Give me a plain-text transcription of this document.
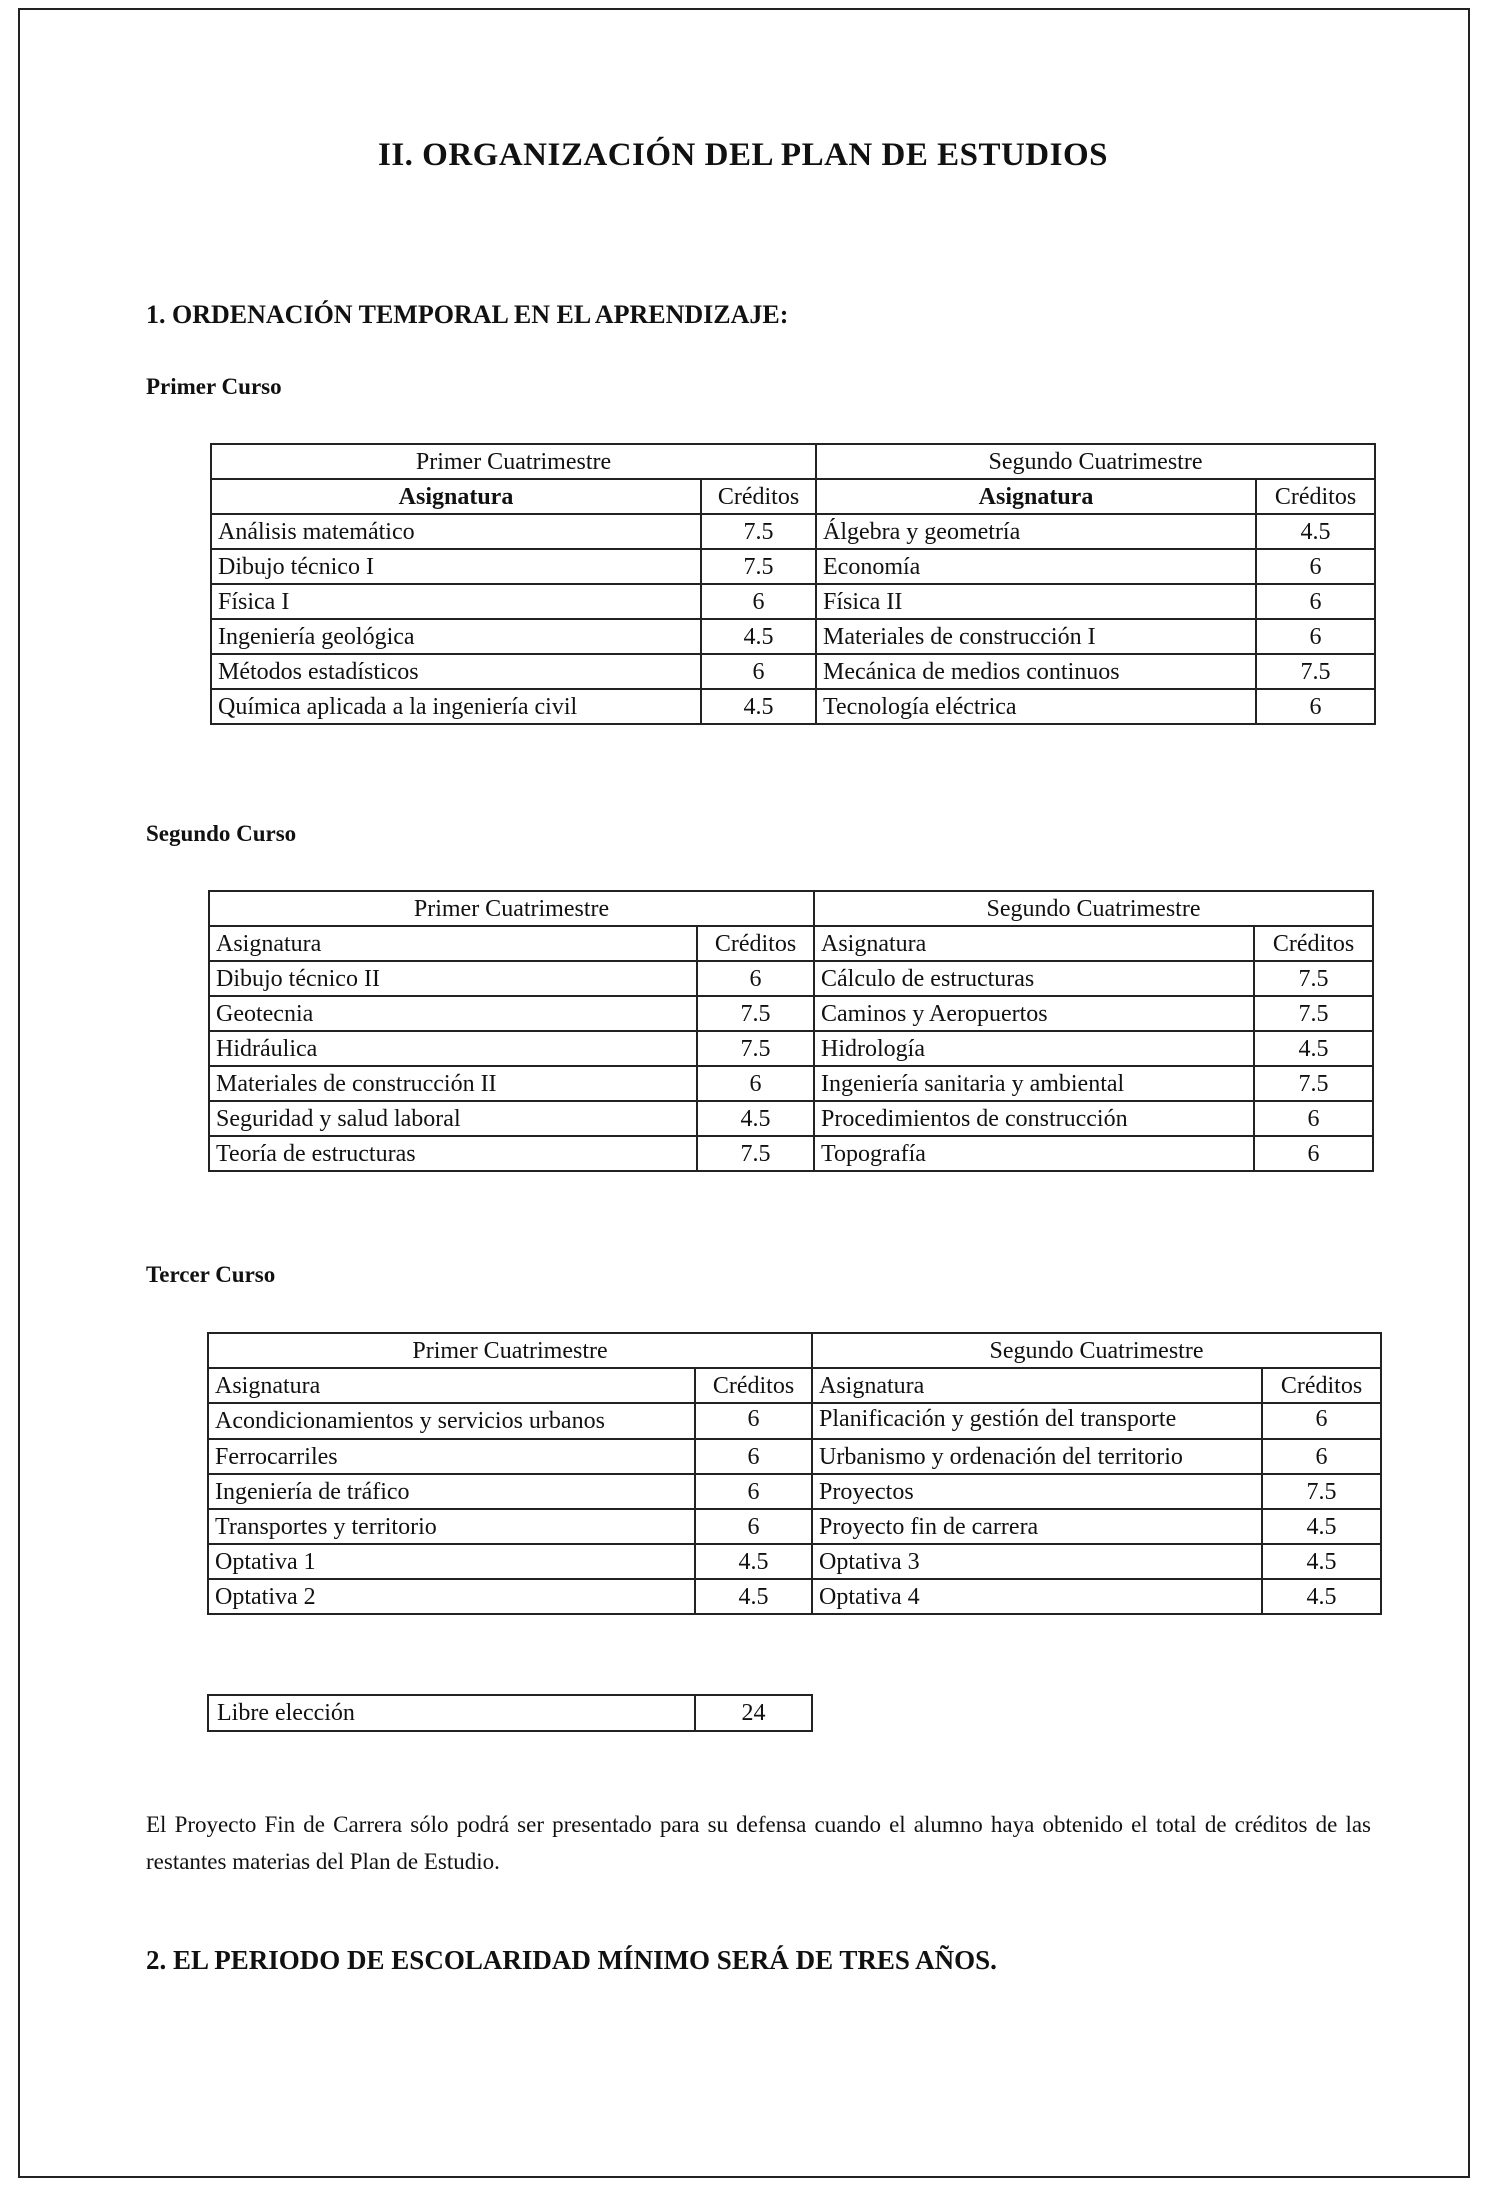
II. ORGANIZACIÓN DEL PLAN DE ESTUDIOS
1. ORDENACIÓN TEMPORAL EN EL APRENDIZAJE:
Primer Curso
Primer Cuatrimestre		Segundo Cuatrimestre	
Asignatura	Créditos	Asignatura	Créditos
Análisis matemático	7.5	Álgebra y geometría	4.5
Dibujo técnico I	7.5	Economía	6
Física I	6	Física II	6
Ingeniería geológica	4.5	Materiales de construcción I	6
Métodos estadísticos	6	Mecánica de medios continuos	7.5
Química aplicada a la ingeniería civil	4.5	Tecnología eléctrica	6
Segundo Curso
Primer Cuatrimestre		Segundo Cuatrimestre	
Asignatura	Créditos	Asignatura	Créditos
Dibujo técnico II	6	Cálculo de estructuras	7.5
Geotecnia	7.5	Caminos y Aeropuertos	7.5
Hidráulica	7.5	Hidrología	4.5
Materiales de construcción II	6	Ingeniería sanitaria y ambiental	7.5
Seguridad y salud laboral	4.5	Procedimientos de construcción	6
Teoría de estructuras	7.5	Topografía	6
Tercer Curso
Primer Cuatrimestre		Segundo Cuatrimestre	
Asignatura	Créditos	Asignatura	Créditos
Acondicionamientos y servicios urbanos	6	Planificación y gestión del transporte	6
Ferrocarriles	6	Urbanismo y ordenación del territorio	6
Ingeniería de tráfico	6	Proyectos	7.5
Transportes y territorio	6	Proyecto fin de carrera	4.5
Optativa 1	4.5	Optativa 3	4.5
Optativa 2	4.5	Optativa 4	4.5
Libre elección	24
El Proyecto Fin de Carrera sólo podrá ser presentado para su defensa cuando el alumno haya obtenido el total de créditos de las restantes materias del Plan de Estudio.
2. EL PERIODO DE ESCOLARIDAD MÍNIMO SERÁ DE TRES AÑOS.
